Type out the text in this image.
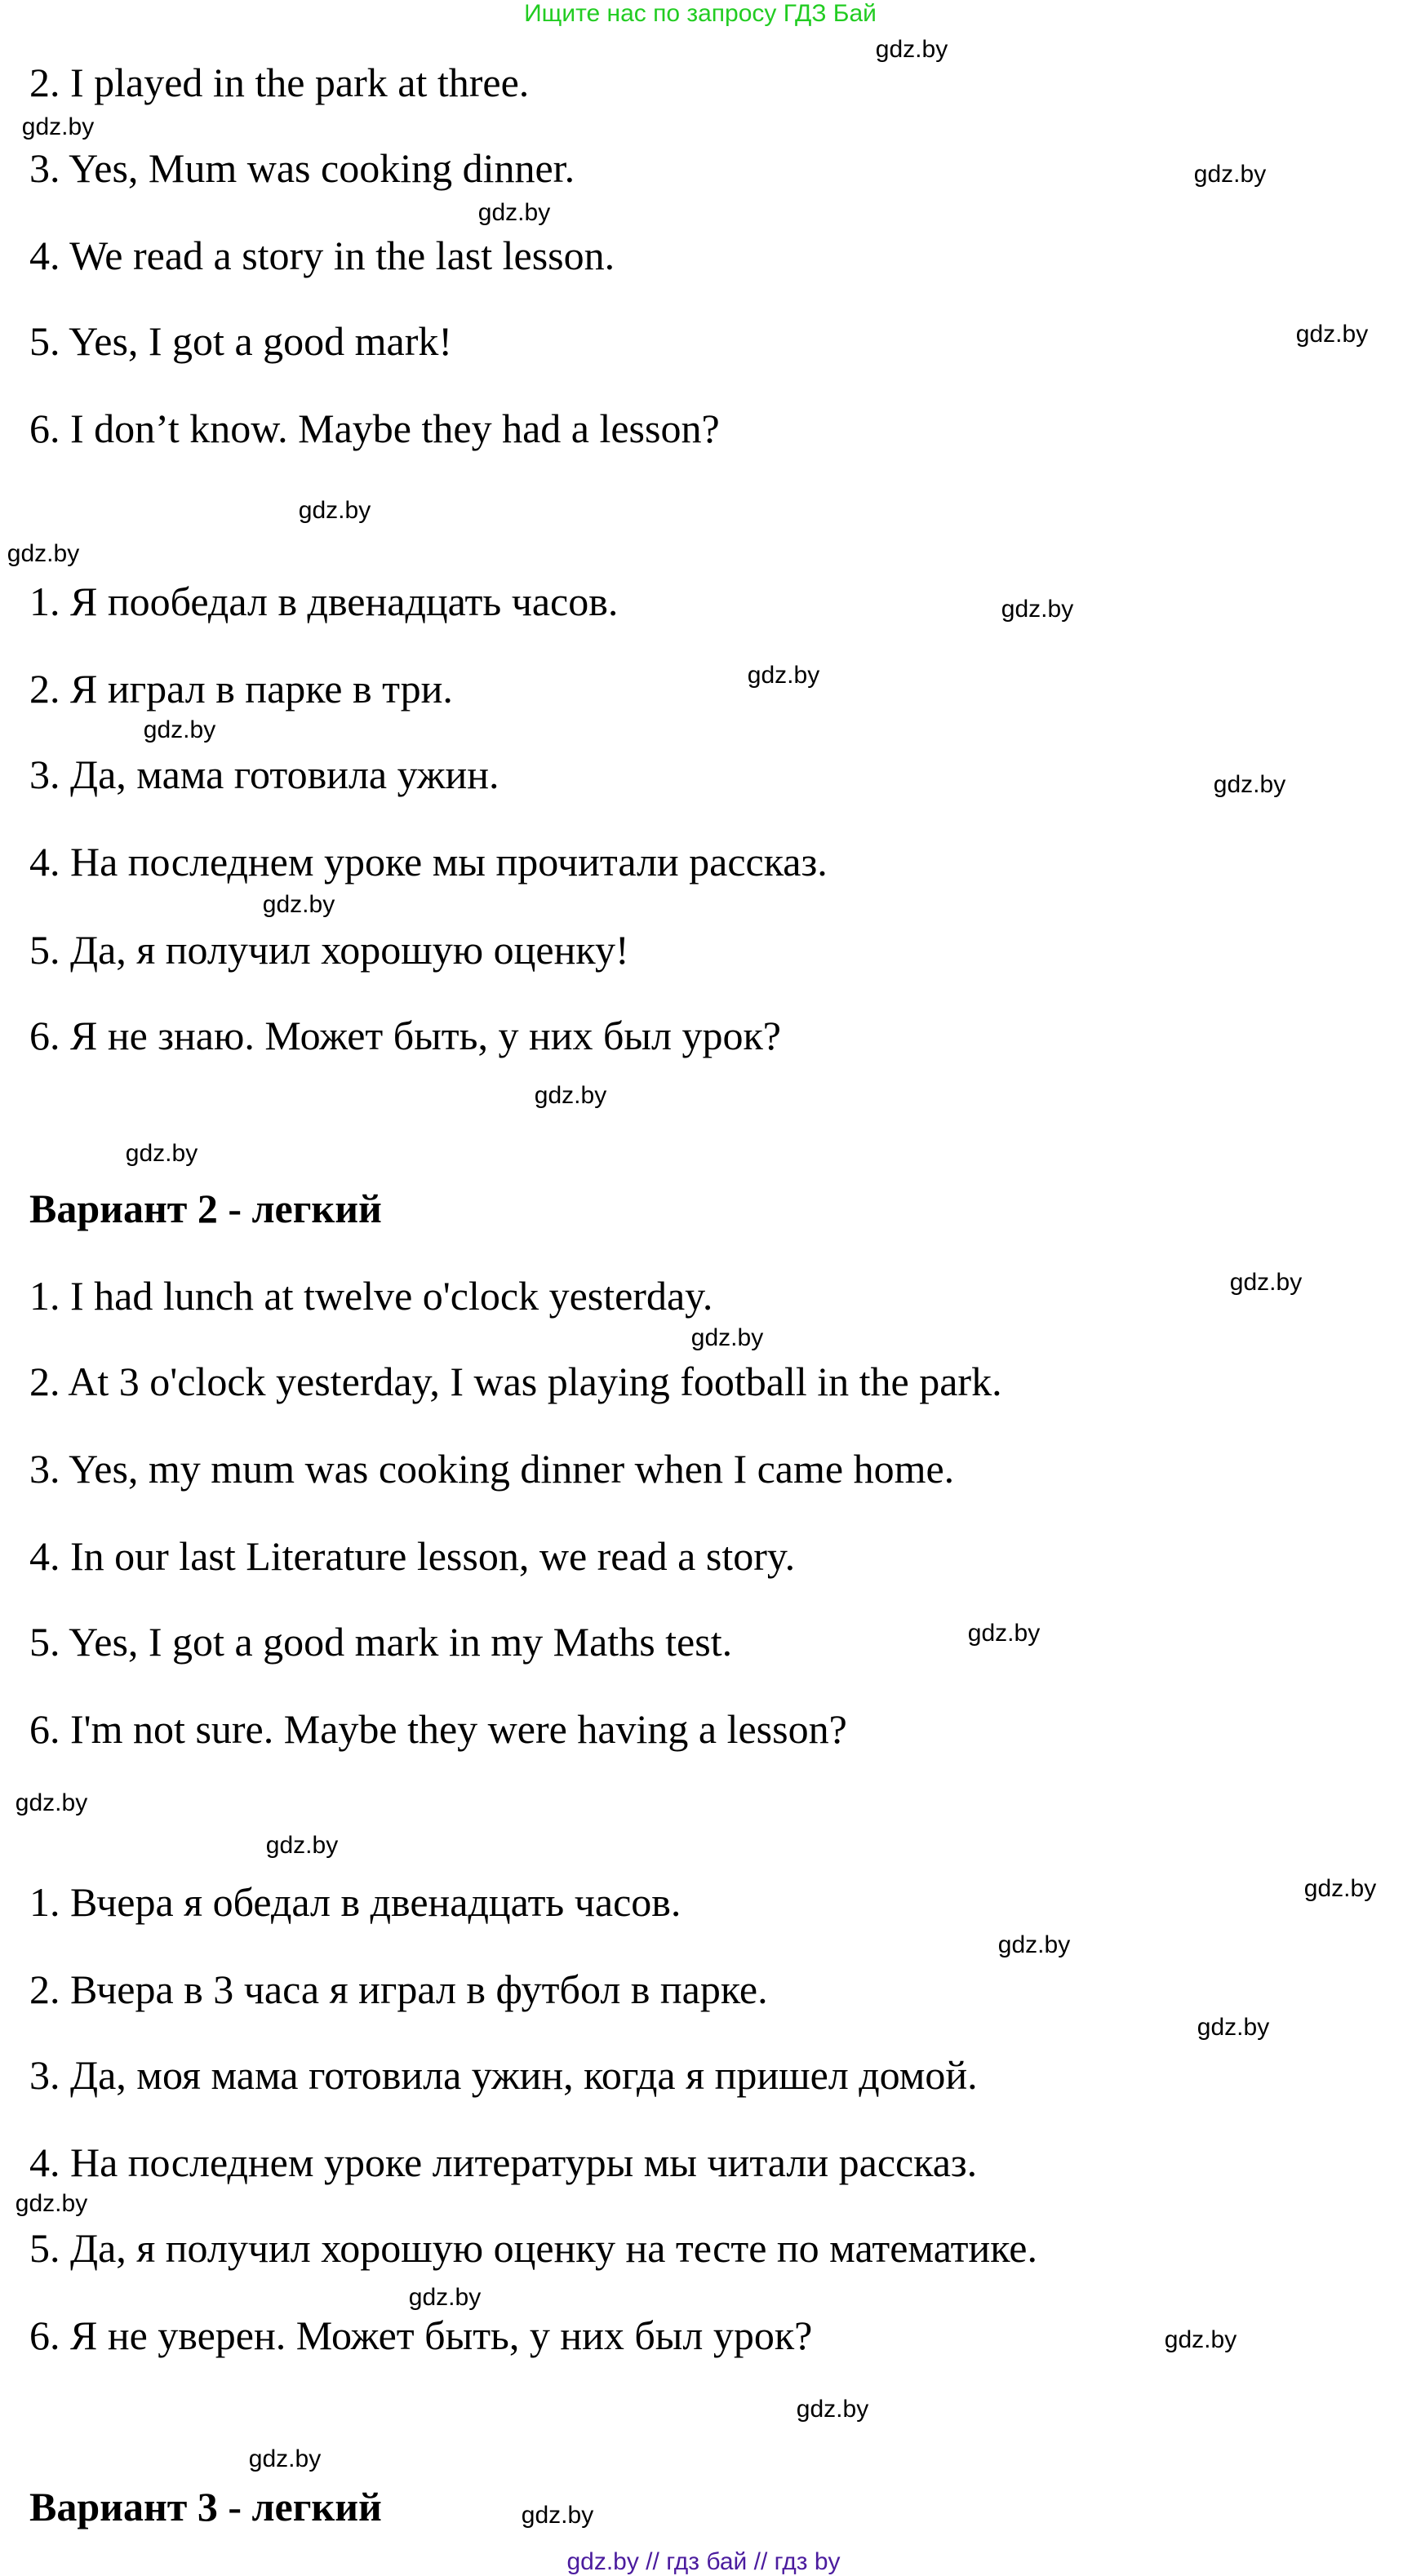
Ищите нас по запросу ГДЗ Бай
2. I played in the park at three.
3. Yes, Mum was cooking dinner.
4. We read a story in the last lesson.
5. Yes, I got a good mark!
6. I don’t know. Maybe they had a lesson?
1. Я пообедал в двенадцать часов.
2. Я играл в парке в три.
3. Да, мама готовила ужин.
4. На последнем уроке мы прочитали рассказ.
5. Да, я получил хорошую оценку!
6. Я не знаю. Может быть, у них был урок?
Вариант 2 - легкий
1. I had lunch at twelve o'clock yesterday.
2. At 3 o'clock yesterday, I was playing football in the park.
3. Yes, my mum was cooking dinner when I came home.
4. In our last Literature lesson, we read a story.
5. Yes, I got a good mark in my Maths test.
6. I'm not sure. Maybe they were having a lesson?
1. Вчера я обедал в двенадцать часов.
2. Вчера в 3 часа я играл в футбол в парке.
3. Да, моя мама готовила ужин, когда я пришел домой.
4. На последнем уроке литературы мы читали рассказ.
5. Да, я получил хорошую оценку на тесте по математике.
6. Я не уверен. Может быть, у них был урок?
Вариант 3 - легкий
gdz.by
gdz.by
gdz.by
gdz.by
gdz.by
gdz.by
gdz.by
gdz.by
gdz.by
gdz.by
gdz.by
gdz.by
gdz.by
gdz.by
gdz.by
gdz.by
gdz.by
gdz.by
gdz.by
gdz.by
gdz.by
gdz.by
gdz.by
gdz.by
gdz.by
gdz.by
gdz.by
gdz.by
gdz.by // гдз бай // гдз by
